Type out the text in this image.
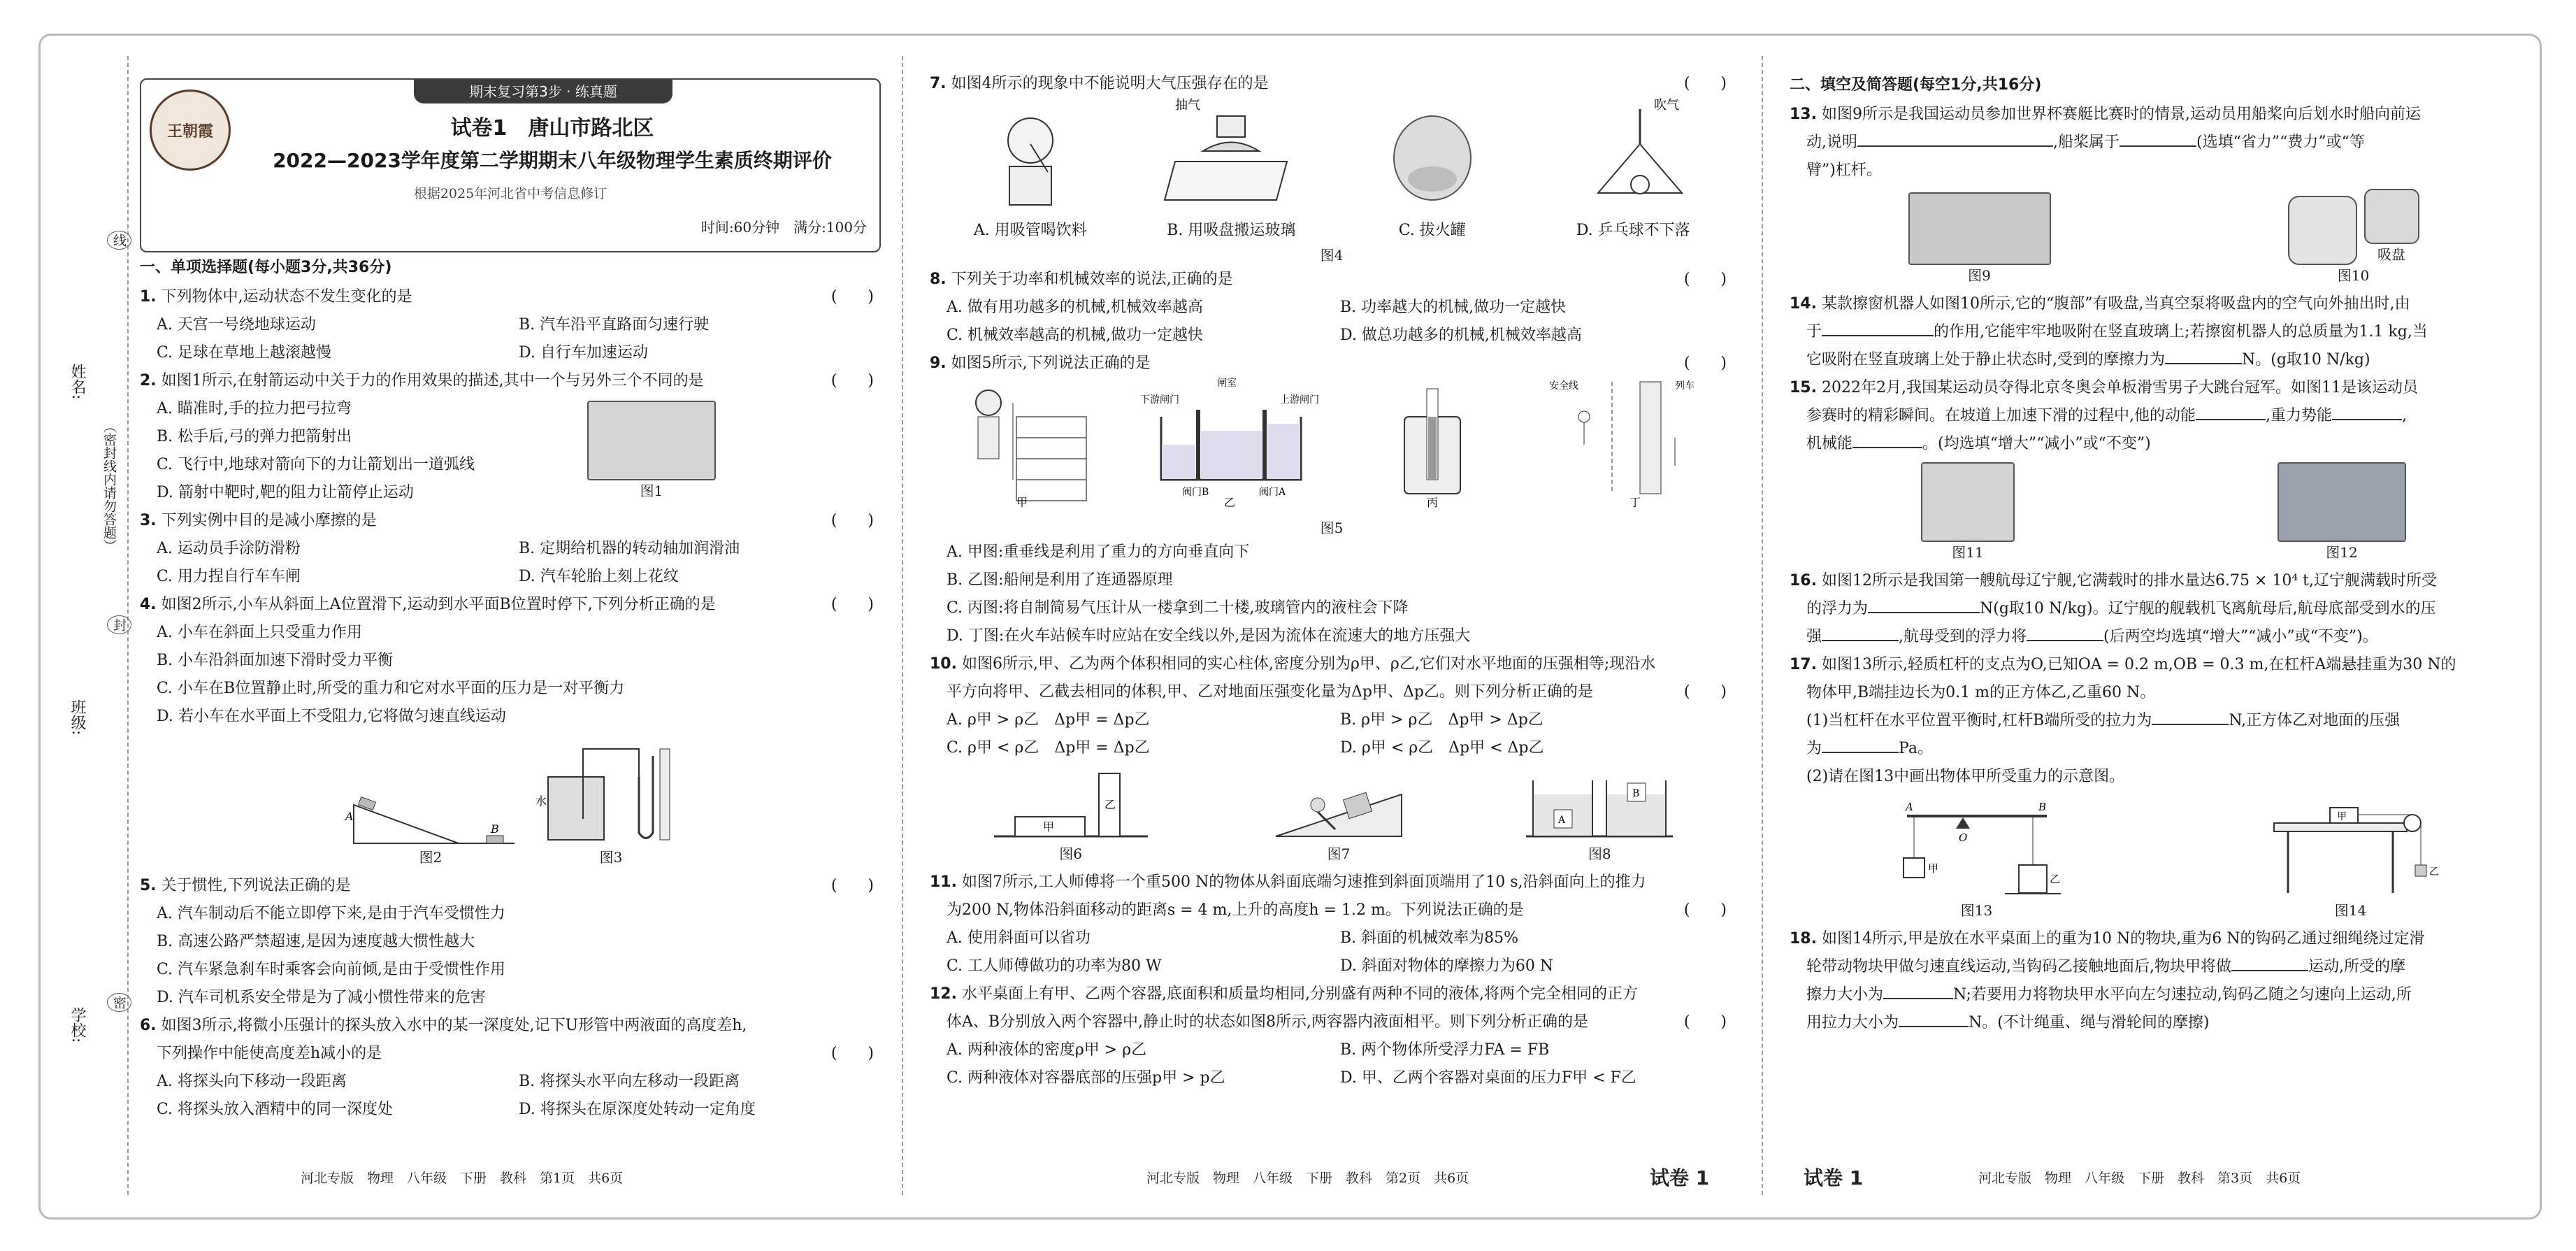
姓名:
班级:
学校:
（密封线内请勿答题）
线
封
密
王朝霞
期末复习第3步 · 练真题
试卷1　唐山市路北区
2022—2023学年度第二学期期末八年级物理学生素质终期评价
根据2025年河北省中考信息修订
时间:60分钟　满分:100分
一、单项选择题(每小题3分,共36分)
1. 下列物体中,运动状态不发生变化的是	(　　)
A. 天宫一号绕地球运动	B. 汽车沿平直路面匀速行驶
C. 足球在草地上越滚越慢	D. 自行车加速运动
2. 如图1所示,在射箭运动中关于力的作用效果的描述,其中一个与另外三个不同的是	(　　)
A. 瞄准时,手的拉力把弓拉弯
B. 松手后,弓的弹力把箭射出
C. 飞行中,地球对箭向下的力让箭划出一道弧线
D. 箭射中靶时,靶的阻力让箭停止运动	图1
3. 下列实例中目的是减小摩擦的是	(　　)
A. 运动员手涂防滑粉	B. 定期给机器的转动轴加润滑油
C. 用力捏自行车车闸	D. 汽车轮胎上刻上花纹
4. 如图2所示,小车从斜面上A位置滑下,运动到水平面B位置时停下,下列分析正确的是	(　　)
A. 小车在斜面上只受重力作用
B. 小车沿斜面加速下滑时受力平衡
C. 小车在B位置静止时,所受的重力和它对水平面的压力是一对平衡力
D. 若小车在水平面上不受阻力,它将做匀速直线运动
A
B
图2
水
图3
5. 关于惯性,下列说法正确的是	(　　)
A. 汽车制动后不能立即停下来,是由于汽车受惯性力
B. 高速公路严禁超速,是因为速度越大惯性越大
C. 汽车紧急刹车时乘客会向前倾,是由于受惯性作用
D. 汽车司机系安全带是为了减小惯性带来的危害
6. 如图3所示,将微小压强计的探头放入水中的某一深度处,记下U形管中两液面的高度差h,
下列操作中能使高度差h减小的是	(　　)
A. 将探头向下移动一段距离	B. 将探头水平向左移动一段距离
C. 将探头放入酒精中的同一深度处	D. 将探头在原深度处转动一定角度
河北专版　物理　八年级　下册　教科　第1页　共6页
7. 如图4所示的现象中不能说明大气压强存在的是	(　　)
抽气	吹气
A. 用吸管喝饮料	B. 用吸盘搬运玻璃	C. 拔火罐	D. 乒乓球不下落
图4
8. 下列关于功率和机械效率的说法,正确的是	(　　)
A. 做有用功越多的机械,机械效率越高	B. 功率越大的机械,做功一定越快
C. 机械效率越高的机械,做功一定越快	D. 做总功越多的机械,机械效率越高
9. 如图5所示,下列说法正确的是	(　　)
甲
闸室
下游闸门	上游闸门
阀门B	阀门A
乙	丙
安全线	列车
丁
图5
A. 甲图:重垂线是利用了重力的方向垂直向下
B. 乙图:船闸是利用了连通器原理
C. 丙图:将自制简易气压计从一楼拿到二十楼,玻璃管内的液柱会下降
D. 丁图:在火车站候车时应站在安全线以外,是因为流体在流速大的地方压强大
10. 如图6所示,甲、乙为两个体积相同的实心柱体,密度分别为ρ甲、ρ乙,它们对水平地面的压强相等;现沿水
平方向将甲、乙截去相同的体积,甲、乙对地面压强变化量为Δp甲、Δp乙。则下列分析正确的是	(　　)
A. ρ甲 > ρ乙　Δp甲 = Δp乙	B. ρ甲 > ρ乙　Δp甲 > Δp乙
C. ρ甲 < ρ乙　Δp甲 = Δp乙	D. ρ甲 < ρ乙　Δp甲 < Δp乙
甲
乙
图6	图7
A
B
图8
11. 如图7所示,工人师傅将一个重500 N的物体从斜面底端匀速推到斜面顶端用了10 s,沿斜面向上的推力
为200 N,物体沿斜面移动的距离s = 4 m,上升的高度h = 1.2 m。下列说法正确的是	(　　)
A. 使用斜面可以省功	B. 斜面的机械效率为85%
C. 工人师傅做功的功率为80 W	D. 斜面对物体的摩擦力为60 N
12. 水平桌面上有甲、乙两个容器,底面积和质量均相同,分别盛有两种不同的液体,将两个完全相同的正方
体A、B分别放入两个容器中,静止时的状态如图8所示,两容器内液面相平。则下列分析正确的是	(　　)
A. 两种液体的密度ρ甲 > ρ乙	B. 两个物体所受浮力FA = FB
C. 两种液体对容器底部的压强p甲 > p乙	D. 甲、乙两个容器对桌面的压力F甲 < F乙
河北专版　物理　八年级　下册　教科　第2页　共6页	试卷 1
二、填空及简答题(每空1分,共16分)
13. 如图9所示是我国运动员参加世界杯赛艇比赛时的情景,运动员用船桨向后划水时船向前运
动,说明	,船桨属于	(选填“省力”“费力”或“等
臂”)杠杆。
图9
吸盘
图10
14. 某款擦窗机器人如图10所示,它的“腹部”有吸盘,当真空泵将吸盘内的空气向外抽出时,由
于	的作用,它能牢牢地吸附在竖直玻璃上;若擦窗机器人的总质量为1.1 kg,当
它吸附在竖直玻璃上处于静止状态时,受到的摩擦力为	N。(g取10 N/kg)
15. 2022年2月,我国某运动员夺得北京冬奥会单板滑雪男子大跳台冠军。如图11是该运动员
参赛时的精彩瞬间。在坡道上加速下滑的过程中,他的动能	,重力势能	,
机械能	。(均选填“增大”“减小”或“不变”)
图11	图12
16. 如图12所示是我国第一艘航母辽宁舰,它满载时的排水量达6.75 × 10⁴ t,辽宁舰满载时所受
的浮力为	N(g取10 N/kg)。辽宁舰的舰载机飞离航母后,航母底部受到水的压
强	,航母受到的浮力将	(后两空均选填“增大”“减小”或“不变”)。
17. 如图13所示,轻质杠杆的支点为O,已知OA = 0.2 m,OB = 0.3 m,在杠杆A端悬挂重为30 N的
物体甲,B端挂边长为0.1 m的正方体乙,乙重60 N。
(1)当杠杆在水平位置平衡时,杠杆B端所受的拉力为	N,正方体乙对地面的压强
为	Pa。
(2)请在图13中画出物体甲所受重力的示意图。
A
O
B
甲
乙
图13
甲
乙
图14
18. 如图14所示,甲是放在水平桌面上的重为10 N的物块,重为6 N的钩码乙通过细绳绕过定滑
轮带动物块甲做匀速直线运动,当钩码乙接触地面后,物块甲将做	运动,所受的摩
擦力大小为	N;若要用力将物块甲水平向左匀速拉动,钩码乙随之匀速向上运动,所
用拉力大小为	N。(不计绳重、绳与滑轮间的摩擦)
试卷 1	河北专版　物理　八年级　下册　教科　第3页　共6页
